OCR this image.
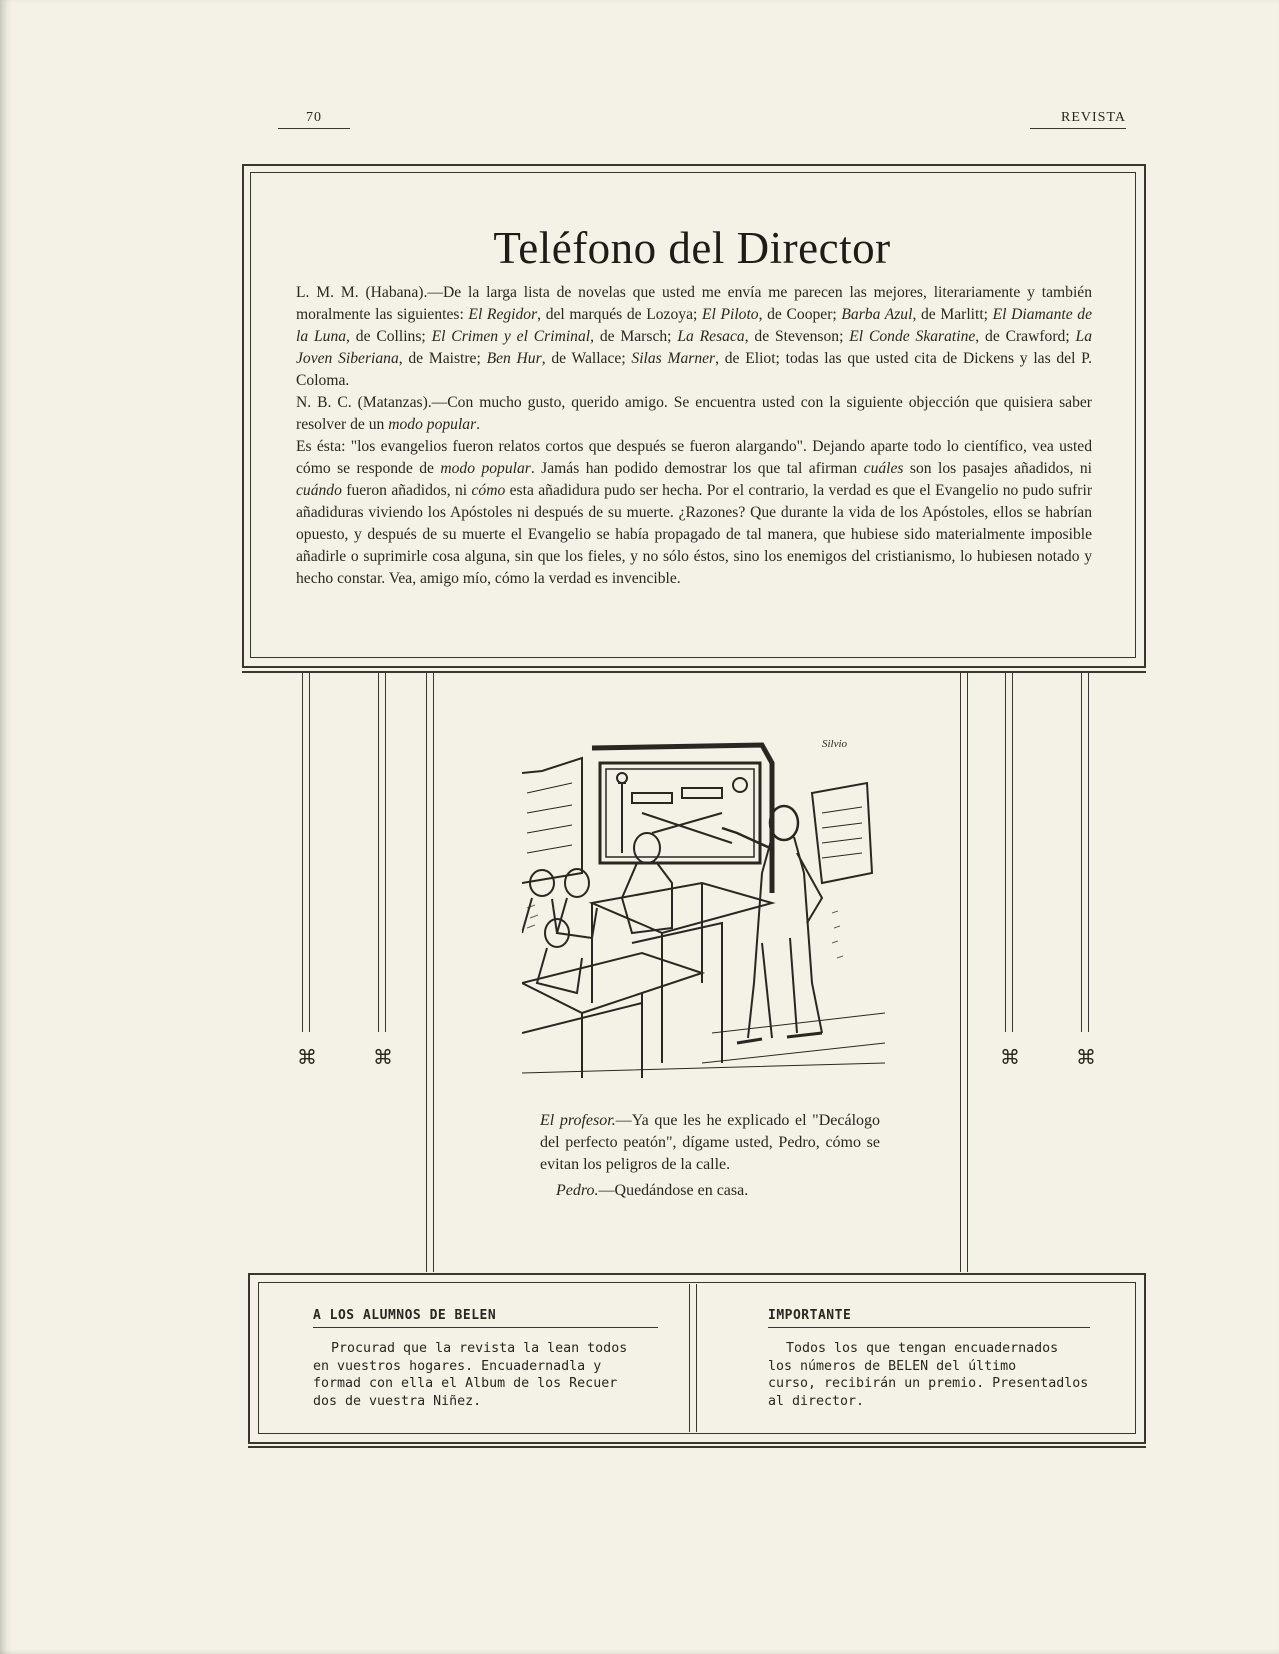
70	REVISTA
Teléfono del Director

L. M. M. (Habana).—De la larga lista de novelas que usted me envía me parecen las mejores, literariamente y también moralmente las siguientes: El Regidor, del marqués de Lozoya; El Piloto, de Cooper; Barba Azul, de Marlitt; El Diamante de la Luna, de Collins; El Crimen y el Criminal, de Marsch; La Resaca, de Stevenson; El Conde Skaratine, de Crawford; La Joven Siberiana, de Maistre; Ben Hur, de Wallace; Silas Marner, de Eliot; todas las que usted cita de Dickens y las del P. Coloma.

N. B. C. (Matanzas).—Con mucho gusto, querido amigo. Se encuentra usted con la siguiente objección que quisiera saber resolver de un modo popular.

Es ésta: "los evangelios fueron relatos cortos que después se fueron alargando". Dejando aparte todo lo científico, vea usted cómo se responde de modo popular. Jamás han podido demostrar los que tal afirman cuáles son los pasajes añadidos, ni cuándo fueron añadidos, ni cómo esta añadidura pudo ser hecha. Por el contrario, la verdad es que el Evangelio no pudo sufrir añadiduras viviendo los Apóstoles ni después de su muerte. ¿Razones? Que durante la vida de los Apóstoles, ellos se habrían opuesto, y después de su muerte el Evangelio se había propagado de tal manera, que hubiese sido materialmente imposible añadirle o suprimirle cosa alguna, sin que los fieles, y no sólo éstos, sino los enemigos del cristianismo, lo hubiesen notado y hecho constar. Vea, amigo mío, cómo la verdad es invencible.

⌘	⌘	⌘	⌘
Silvio

El profesor.—Ya que les he explicado el "Decálogo del perfecto peatón", dígame usted, Pedro, cómo se evitan los peligros de la calle.

Pedro.—Quedándose en casa.

A LOS ALUMNOS DE BELEN

Procurad que la revista la lean todos

en vuestros hogares. Encuadernadla y

formad con ella el Album de los Recuer

dos de vuestra Niñez.

IMPORTANTE

Todos los que tengan encuadernados

los números de BELEN del último

curso, recibirán un premio. Presentadlos

al director.
